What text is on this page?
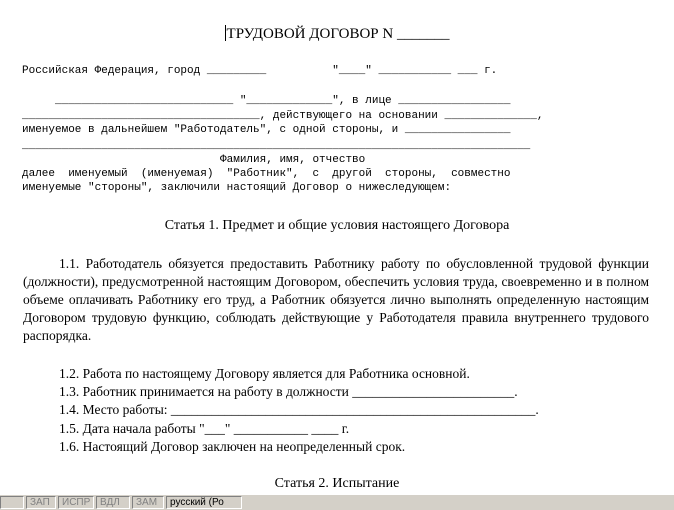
ТРУДОВОЙ ДОГОВОР N _______
Российская Федерация, город _________          "____" ___________ ___ г.
___________________________ "_____________", в лице _________________
____________________________________, действующего на основании ______________,
именуемое в дальнейшем "Работодатель", с одной стороны, и ________________
_____________________________________________________________________________
Фамилия, имя, отчество
далее  именуемый  (именуемая)  "Работник",  с  другой  стороны,  совместно
именуемые "стороны", заключили настоящий Договор о нижеследующем:
Статья 1. Предмет и общие условия настоящего Договора
1.1. Работодатель обязуется предоставить Работнику работу по обусловленной трудовой функции (должности), предусмотренной настоящим Договором, обеспечить условия труда, своевременно и в полном объеме оплачивать Работнику его труд, а Работник обязуется лично выполнять определенную настоящим Договором трудовую функцию, соблюдать действующие у Работодателя правила внутреннего трудового распорядка.
1.2. Работа по настоящему Договору является для Работника основной.
1.3. Работник принимается на работу в должности ________________________.
1.4. Место работы: ______________________________________________________.
1.5. Дата начала работы "___" ___________ ____ г.
1.6. Настоящий Договор заключен на неопределенный срок.
Статья 2. Испытание
ЗАП	ИСПР ВДЛ	ЗАМ	русский (Ро
